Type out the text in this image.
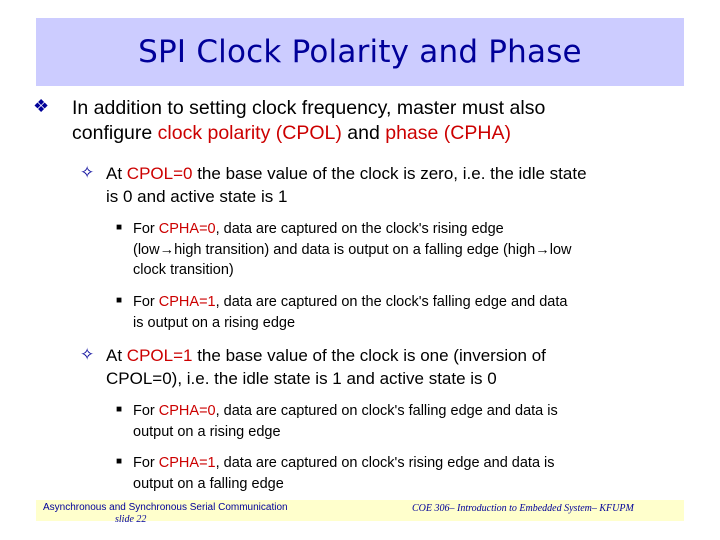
SPI Clock Polarity and Phase
❖ In addition to setting clock frequency, master must also
configure clock polarity (CPOL) and phase (CPHA)
✧ At CPOL=0 the base value of the clock is zero, i.e. the idle state
is 0 and active state is 1
■ For CPHA=0, data are captured on the clock's rising edge
(low→high transition) and data is output on a falling edge (high→low
clock transition)
■ For CPHA=1, data are captured on the clock's falling edge and data
is output on a rising edge
✧ At CPOL=1 the base value of the clock is one (inversion of
CPOL=0), i.e. the idle state is 1 and active state is 0
■ For CPHA=0, data are captured on clock's falling edge and data is
output on a rising edge
■ For CPHA=1, data are captured on clock's rising edge and data is
output on a falling edge
Asynchronous and Synchronous Serial Communication
slide 22
COE 306– Introduction to Embedded System– KFUPM
